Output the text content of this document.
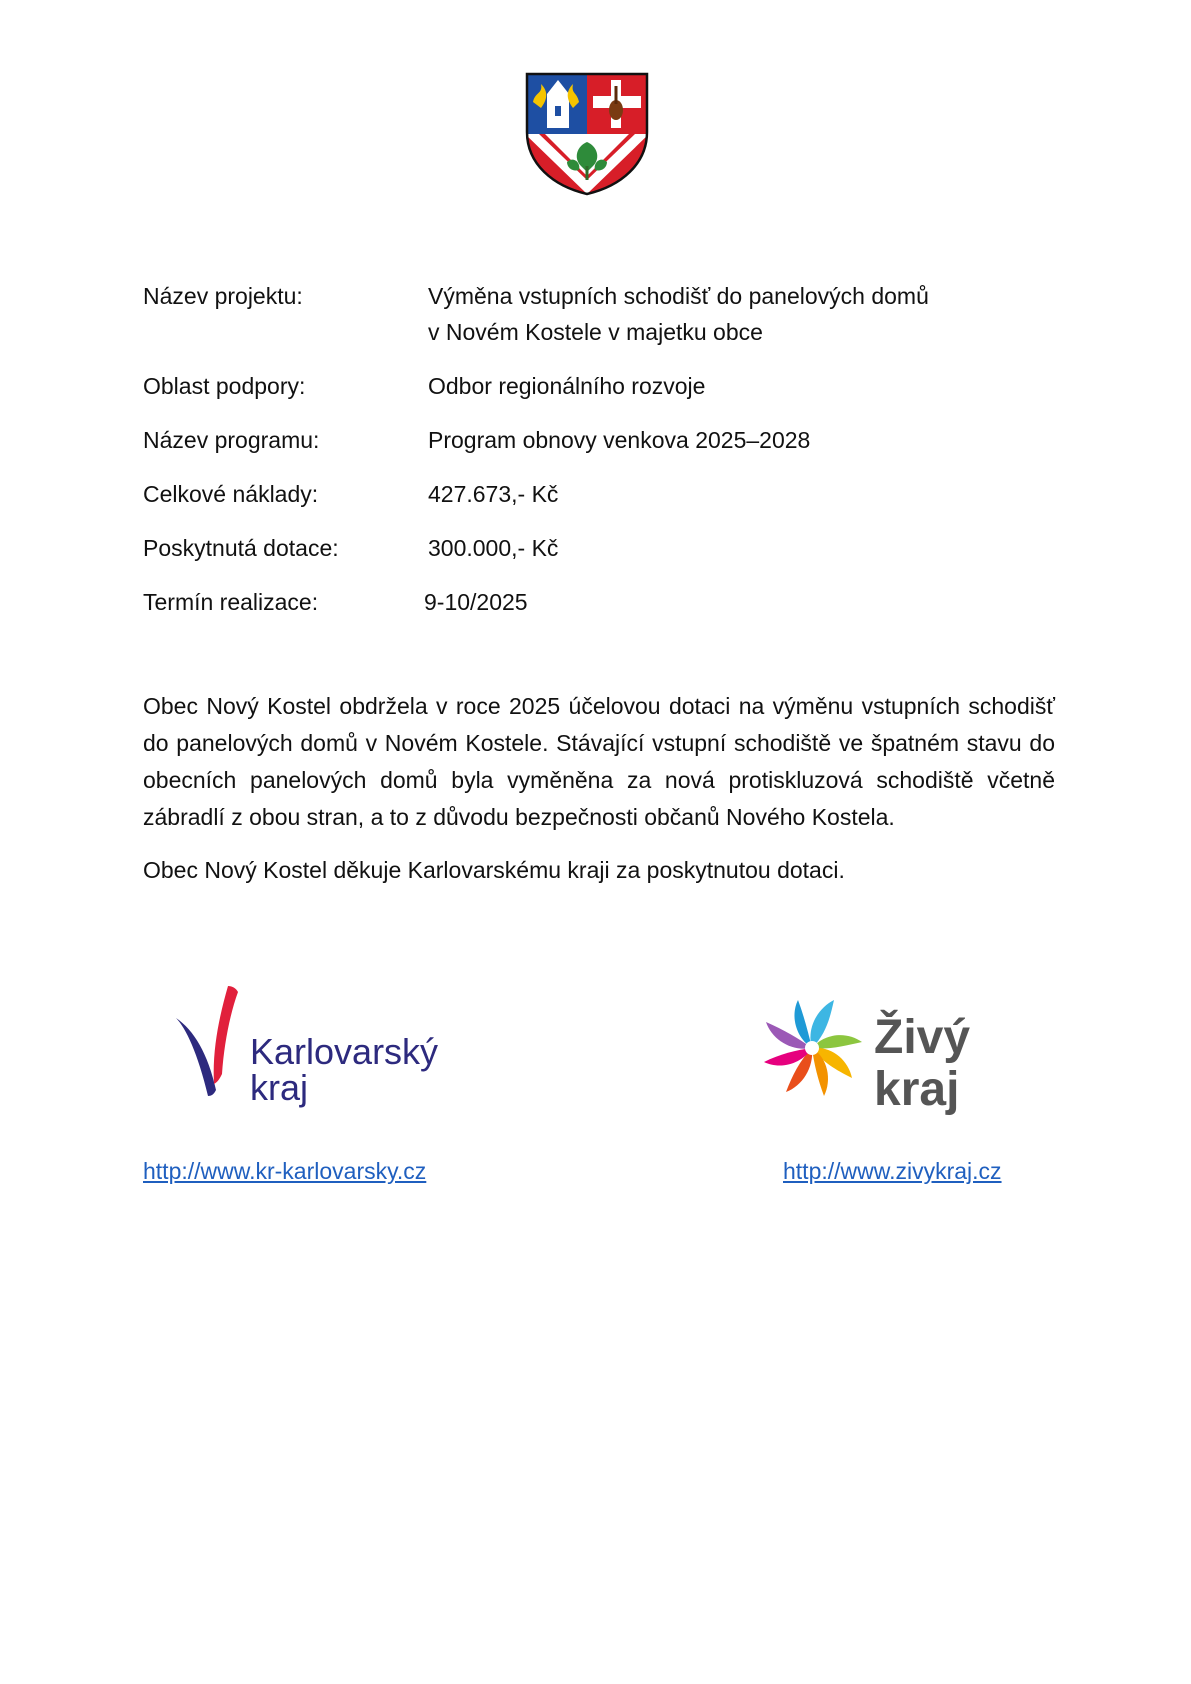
Název projektu:	Výměna vstupních schodišť do panelových domů
v Novém Kostele v majetku obce
Oblast podpory:	Odbor regionálního rozvoje
Název programu:	Program obnovy venkova 2025–2028
Celkové náklady:	427.673,- Kč
Poskytnutá dotace:	300.000,- Kč
Termín realizace:	9-10/2025

Obec Nový Kostel obdržela v roce 2025 účelovou dotaci na výměnu vstupních schodišť do panelových domů v Novém Kostele. Stávající vstupní schodiště ve špatném stavu do obecních panelových domů byla vyměněna za nová protiskluzová schodiště včetně zábradlí z obou stran, a to z důvodu bezpečnosti občanů Nového Kostela.

Obec Nový Kostel děkuje Karlovarskému kraji za poskytnutou dotaci.

Karlovarský
kraj
Živý kraj
http://www.kr-karlovarsky.cz	http://www.zivykraj.cz
